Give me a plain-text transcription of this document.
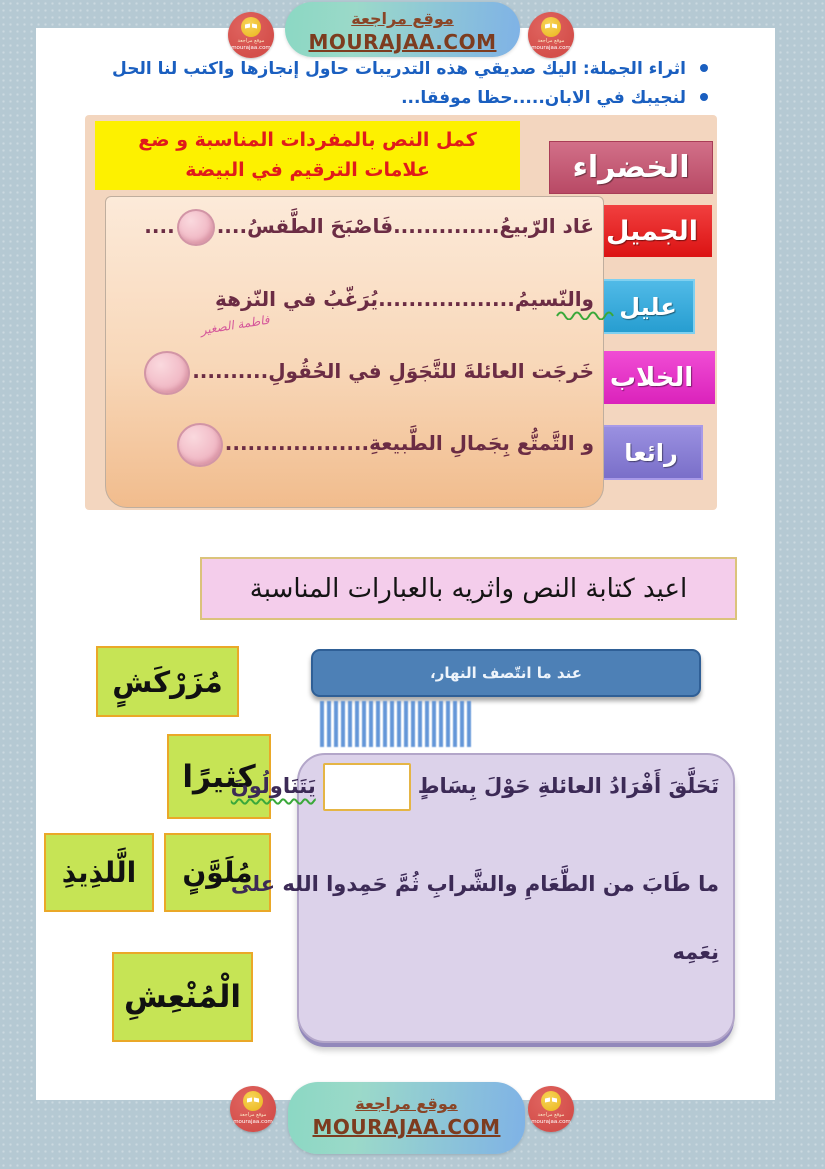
موقع مراجعة
MOURAJAA.COM
موقع مراجعة
mourajaa.com
موقع مراجعة
mourajaa.com
اثراء الجملة: اليك صديقي هذه التدريبات حاول إنجازها واكتب لنا الحل
لنجيبك في الابان.....حظا موفقا...
كمل النص بالمفردات المناسبة و ضع علامات الترقيم في البيضة	الخضراء
الجميل
عليل
الخلاب
رائعا
عَاد الرّبيعُ..............فَاصْبَحَ الطَّقسُ........
والنّسيمُ..................يُرَغّبُ في النّزهةِ
فاطمة الصغير
خَرجَت العائلةَ للتَّجَوَلِ في الحُقُولِ..........
و التَّمتُّع بِجَمالِ الطَّبيعةِ...................
اعيد كتابة النص واثريه بالعبارات المناسبة
مُزَرْكَشٍ
كثيرًا
الَّلذِيذِ	مُلَوَّنٍ
الْمُنْعِشِ
عند ما انتّصف النهار،
تَحَلَّقَ أَفْرَادُ العائلةِ حَوْلَ بِسَاطٍيَتَنَاولُونَ
ما طَابَ من الطَّعَامِ والشَّرابِ ثُمَّ حَمِدوا الله على
نِعَمِه
موقع مراجعة
MOURAJAA.COM
موقع مراجعة
mourajaa.com
موقع مراجعة
mourajaa.com
